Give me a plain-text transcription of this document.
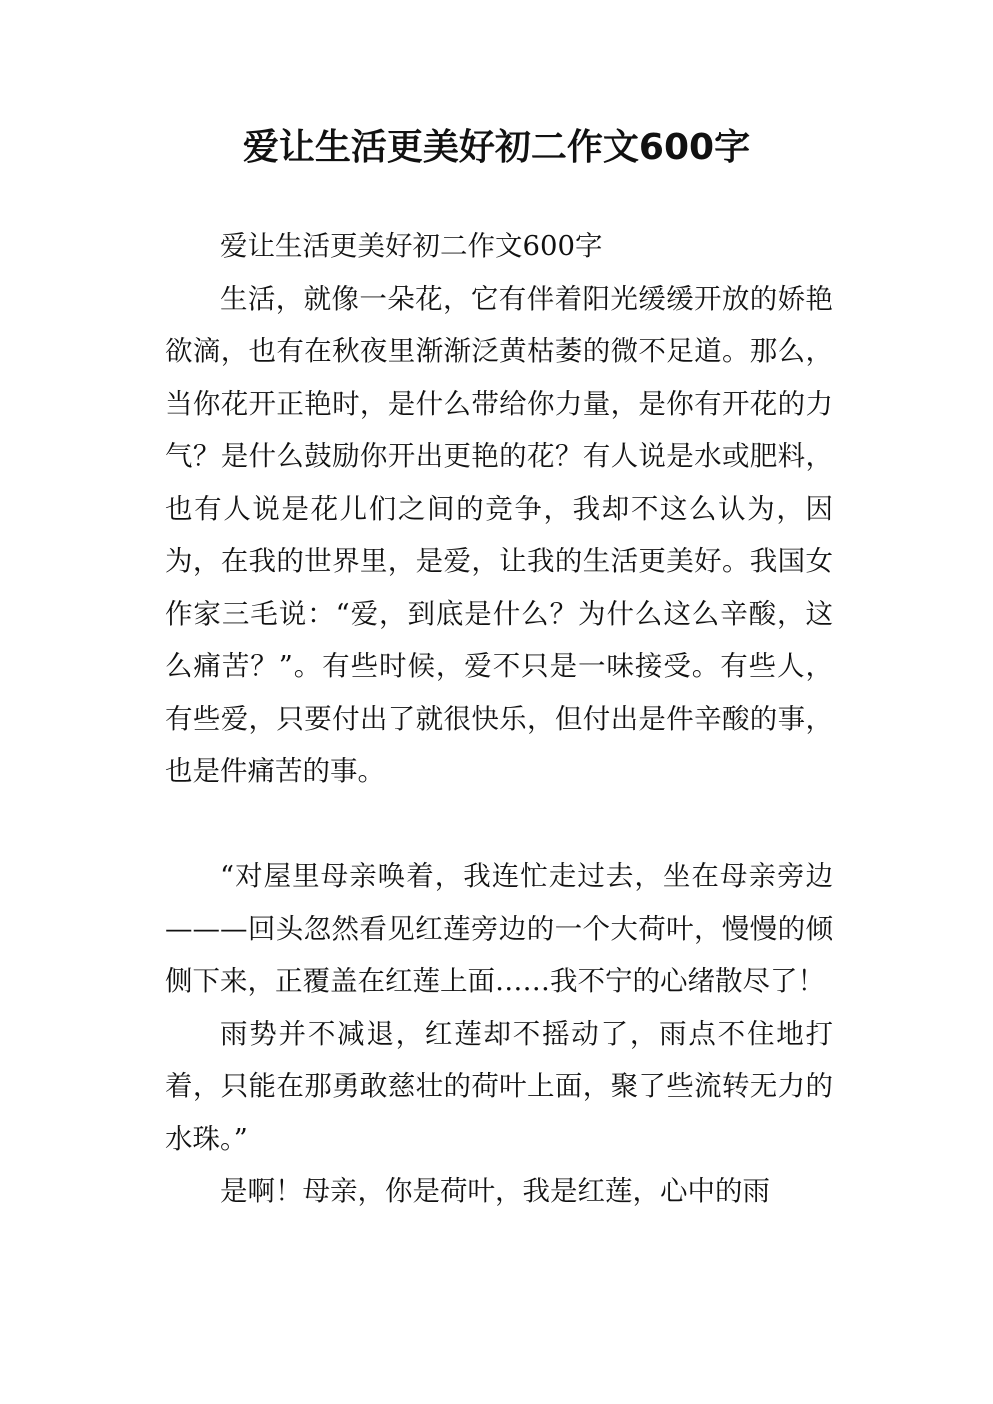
爱让生活更美好初二作文600字

爱让生活更美好初二作文600字

生活，就像一朵花，它有伴着阳光缓缓开放的娇艳欲滴，也有在秋夜里渐渐泛黄枯萎的微不足道。那么，当你花开正艳时，是什么带给你力量，是你有开花的力气？是什么鼓励你开出更艳的花？有人说是水或肥料，也有人说是花儿们之间的竞争，我却不这么认为，因为，在我的世界里，是爱，让我的生活更美好。我国女作家三毛说：“爱，到底是什么？为什么这么辛酸，这么痛苦？”。有些时候，爱不只是一味接受。有些人，有些爱，只要付出了就很快乐，但付出是件辛酸的事，也是件痛苦的事。

“对屋里母亲唤着，我连忙走过去，坐在母亲旁边———回头忽然看见红莲旁边的一个大荷叶，慢慢的倾侧下来，正覆盖在红莲上面……我不宁的心绪散尽了！

雨势并不减退，红莲却不摇动了，雨点不住地打着，只能在那勇敢慈壮的荷叶上面，聚了些流转无力的水珠。”

是啊！母亲，你是荷叶，我是红莲，心中的雨
